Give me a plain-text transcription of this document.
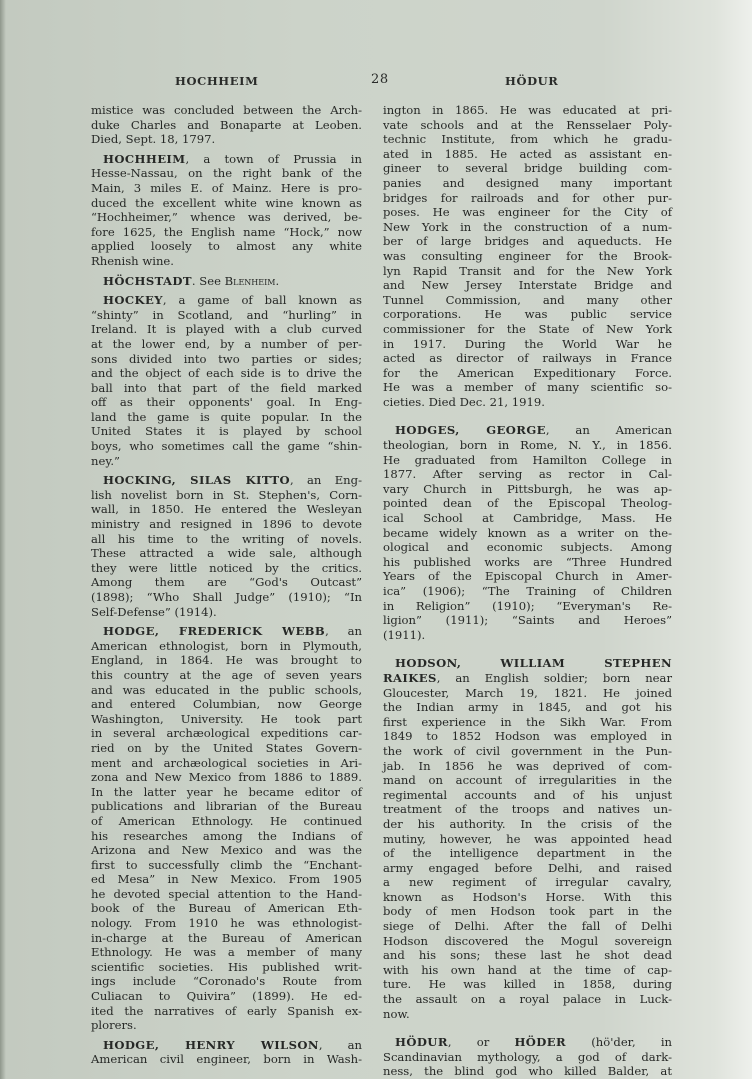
HOCHHEIM	28	HÖDUR
mistice was concluded between the Arch-
duke Charles and Bonaparte at Leoben.
Died, Sept. 18, 1797.
HOCHHEIM, a town of Prussia in
Hesse-Nassau, on the right bank of the
Main, 3 miles E. of Mainz. Here is pro-
duced the excellent white wine known as
“Hochheimer,” whence was derived, be-
fore 1625, the English name “Hock,” now
applied loosely to almost any white
Rhenish wine.
HÖCHSTADT. See Blenheim.
HOCKEY, a game of ball known as
“shinty” in Scotland, and “hurling” in
Ireland. It is played with a club curved
at the lower end, by a number of per-
sons divided into two parties or sides;
and the object of each side is to drive the
ball into that part of the field marked
off as their opponents' goal. In Eng-
land the game is quite popular. In the
United States it is played by school
boys, who sometimes call the game “shin-
ney.”
HOCKING, SILAS KITTO, an Eng-
lish novelist born in St. Stephen's, Corn-
wall, in 1850. He entered the Wesleyan
ministry and resigned in 1896 to devote
all his time to the writing of novels.
These attracted a wide sale, although
they were little noticed by the critics.
Among them are “God's Outcast”
(1898); “Who Shall Judge” (1910); “In
Self-Defense” (1914).
HODGE, FREDERICK WEBB, an
American ethnologist, born in Plymouth,
England, in 1864. He was brought to
this country at the age of seven years
and was educated in the public schools,
and entered Columbian, now George
Washington, University. He took part
in several archæological expeditions car-
ried on by the United States Govern-
ment and archæological societies in Ari-
zona and New Mexico from 1886 to 1889.
In the latter year he became editor of
publications and librarian of the Bureau
of American Ethnology. He continued
his researches among the Indians of
Arizona and New Mexico and was the
first to successfully climb the “Enchant-
ed Mesa” in New Mexico. From 1905
he devoted special attention to the Hand-
book of the Bureau of American Eth-
nology. From 1910 he was ethnologist-
in-charge at the Bureau of American
Ethnology. He was a member of many
scientific societies. His published writ-
ings include “Coronado's Route from
Culiacan to Quivira” (1899). He ed-
ited the narratives of early Spanish ex-
plorers.
HODGE, HENRY WILSON, an
American civil engineer, born in Wash-
ington in 1865. He was educated at pri-
vate schools and at the Rensselaer Poly-
technic Institute, from which he gradu-
ated in 1885. He acted as assistant en-
gineer to several bridge building com-
panies and designed many important
bridges for railroads and for other pur-
poses. He was engineer for the City of
New York in the construction of a num-
ber of large bridges and aqueducts. He
was consulting engineer for the Brook-
lyn Rapid Transit and for the New York
and New Jersey Interstate Bridge and
Tunnel Commission, and many other
corporations. He was public service
commissioner for the State of New York
in 1917. During the World War he
acted as director of railways in France
for the American Expeditionary Force.
He was a member of many scientific so-
cieties. Died Dec. 21, 1919.
HODGES, GEORGE, an American
theologian, born in Rome, N. Y., in 1856.
He graduated from Hamilton College in
1877. After serving as rector in Cal-
vary Church in Pittsburgh, he was ap-
pointed dean of the Episcopal Theolog-
ical School at Cambridge, Mass. He
became widely known as a writer on the-
ological and economic subjects. Among
his published works are “Three Hundred
Years of the Episcopal Church in Amer-
ica” (1906); “The Training of Children
in Religion” (1910); “Everyman's Re-
ligion” (1911); “Saints and Heroes”
(1911).
HODSON, WILLIAM STEPHEN
RAIKES, an English soldier; born near
Gloucester, March 19, 1821. He joined
the Indian army in 1845, and got his
first experience in the Sikh War. From
1849 to 1852 Hodson was employed in
the work of civil government in the Pun-
jab. In 1856 he was deprived of com-
mand on account of irregularities in the
regimental accounts and of his unjust
treatment of the troops and natives un-
der his authority. In the crisis of the
mutiny, however, he was appointed head
of the intelligence department in the
army engaged before Delhi, and raised
a new regiment of irregular cavalry,
known as Hodson's Horse. With this
body of men Hodson took part in the
siege of Delhi. After the fall of Delhi
Hodson discovered the Mogul sovereign
and his sons; these last he shot dead
with his own hand at the time of cap-
ture. He was killed in 1858, during
the assault on a royal palace in Luck-
now.
HÖDUR, or HÖDER (hö'der, in
Scandinavian mythology, a god of dark-
ness, the blind god who killed Balder, at
